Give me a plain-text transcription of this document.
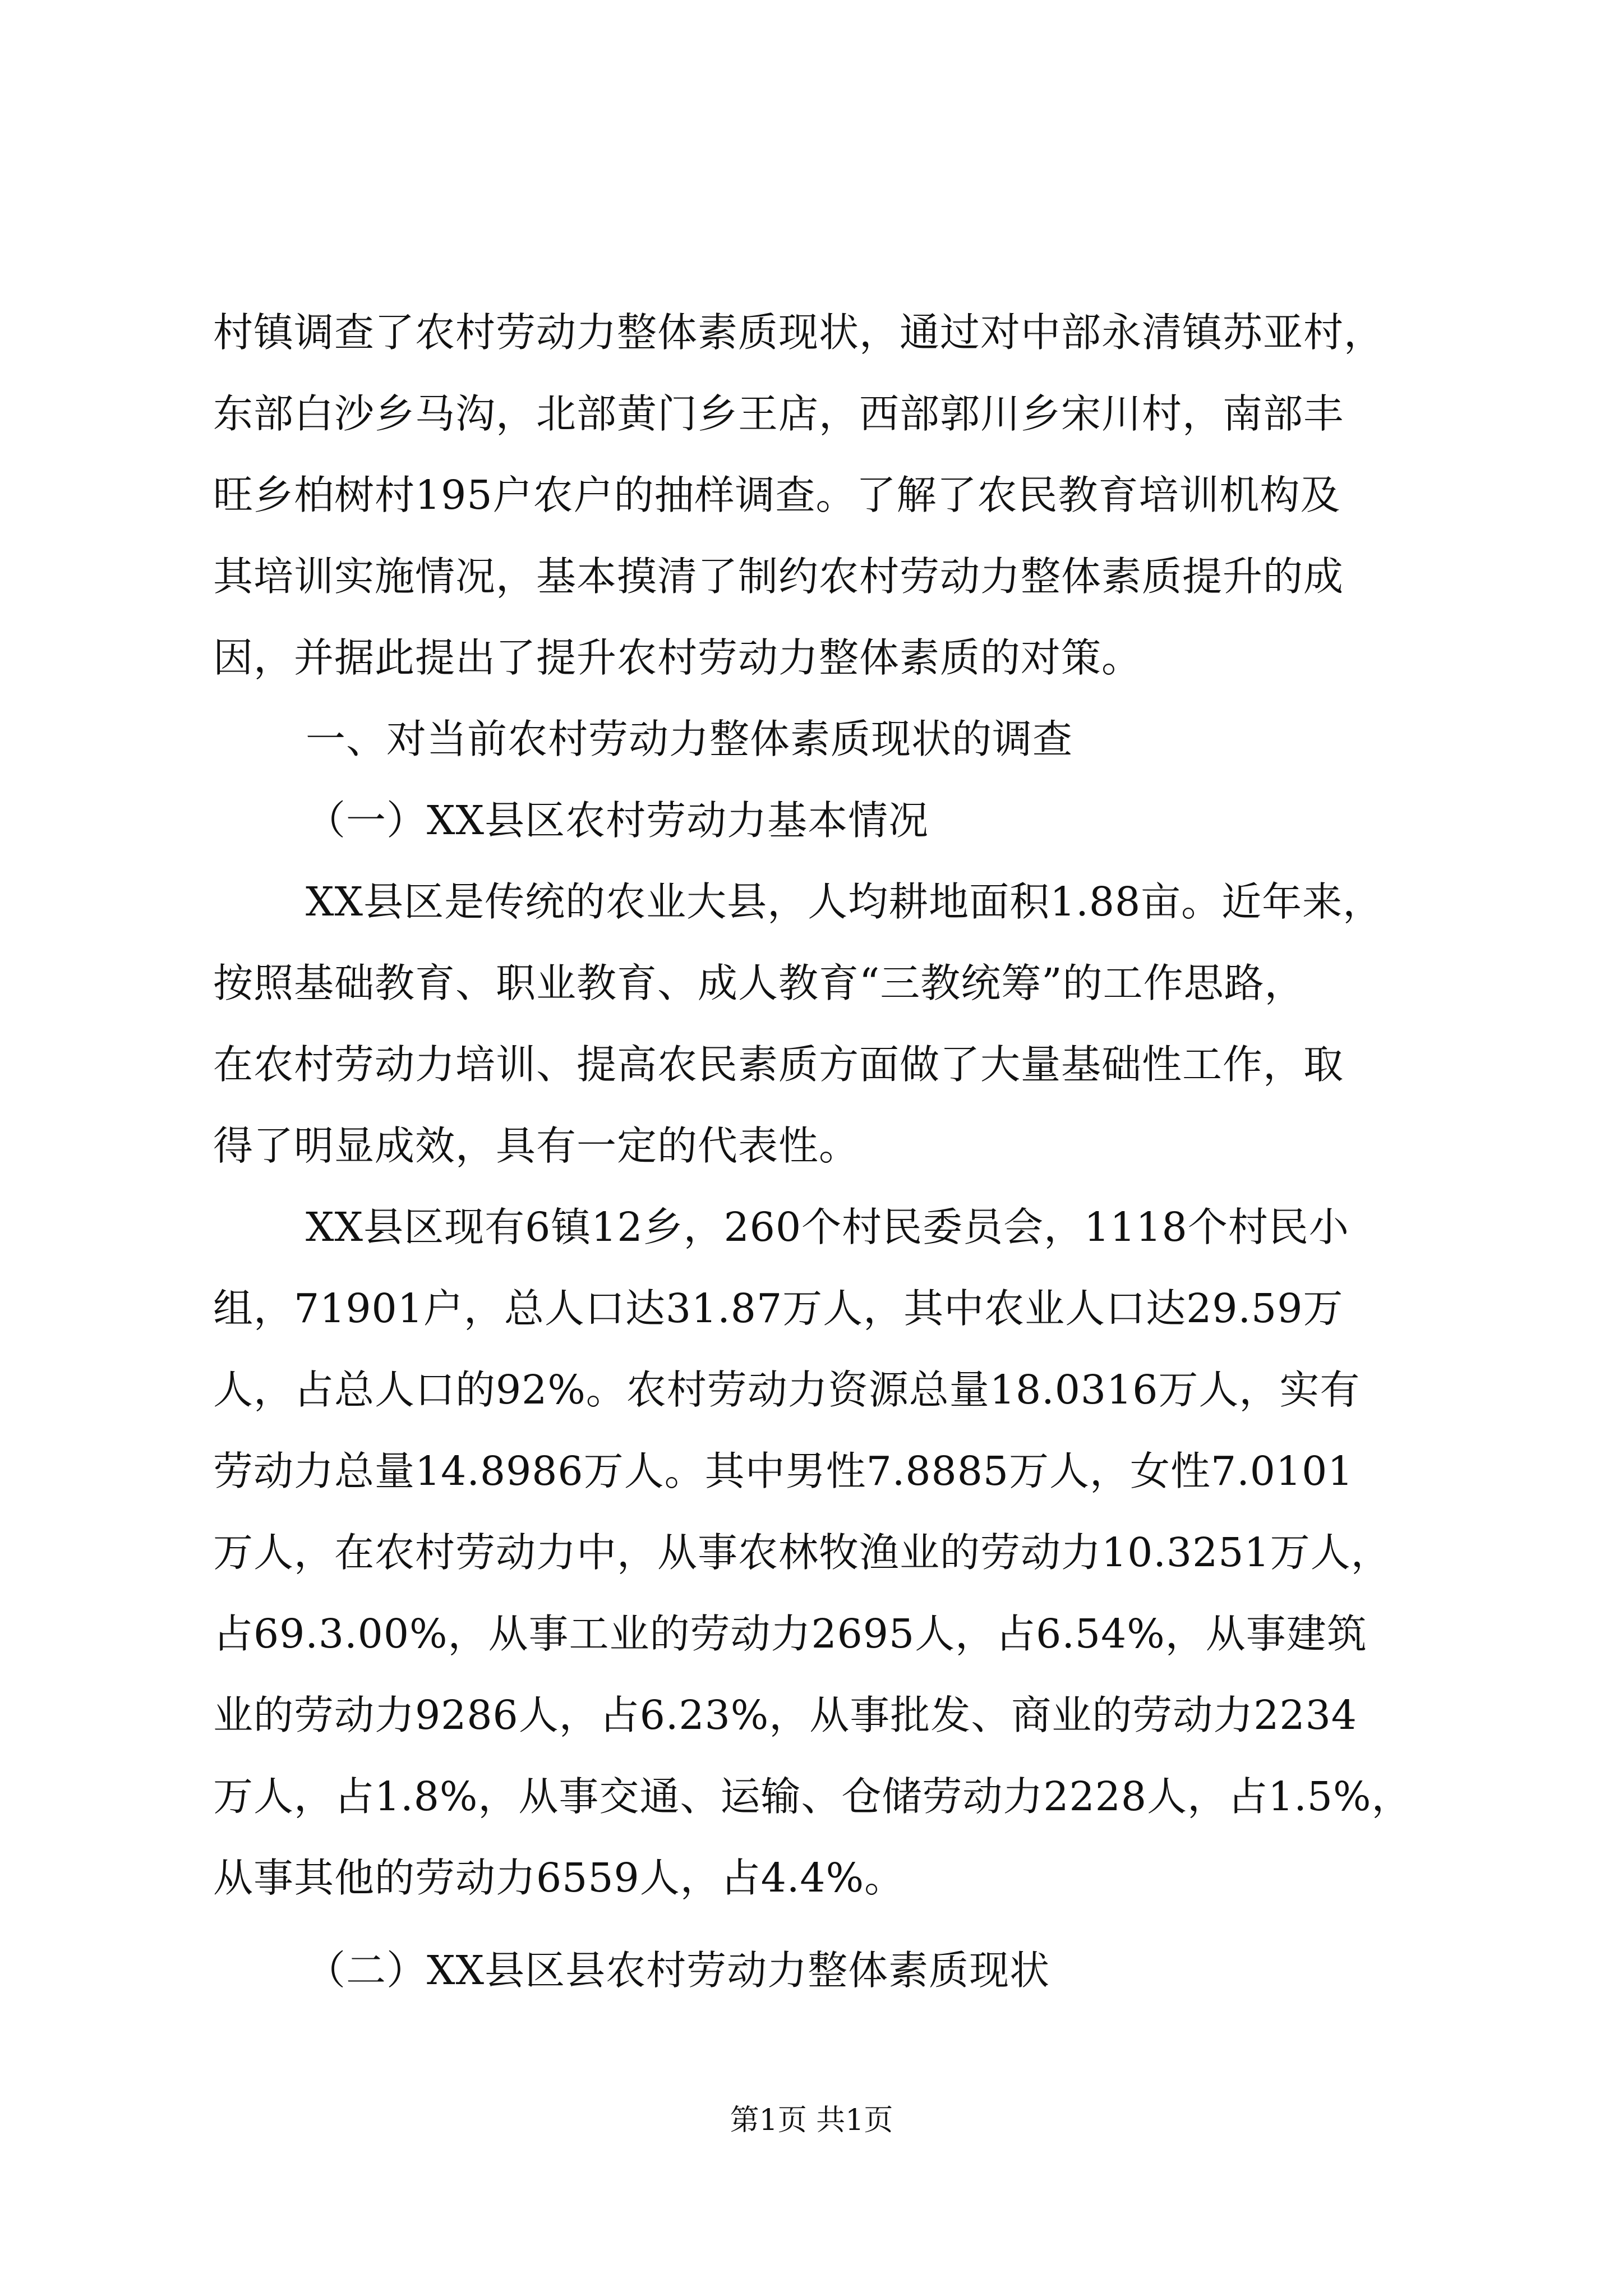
村镇调查了农村劳动力整体素质现状，通过对中部永清镇苏亚村，
东部白沙乡马沟，北部黄门乡王店，西部郭川乡宋川村，南部丰
旺乡柏树村195户农户的抽样调查。了解了农民教育培训机构及
其培训实施情况，基本摸清了制约农村劳动力整体素质提升的成
因，并据此提出了提升农村劳动力整体素质的对策。
一、对当前农村劳动力整体素质现状的调查
（一）XX县区农村劳动力基本情况
XX县区是传统的农业大县，人均耕地面积1.88亩。近年来，
按照基础教育、职业教育、成人教育“三教统筹”的工作思路，
在农村劳动力培训、提高农民素质方面做了大量基础性工作，取
得了明显成效，具有一定的代表性。
XX县区现有6镇12乡，260个村民委员会，1118个村民小
组，71901户，总人口达31.87万人，其中农业人口达29.59万
人，占总人口的92%。农村劳动力资源总量18.0316万人，实有
劳动力总量14.8986万人。其中男性7.8885万人，女性7.0101
万人，在农村劳动力中，从事农林牧渔业的劳动力10.3251万人，
占69.3.00%，从事工业的劳动力2695人，占6.54%，从事建筑
业的劳动力9286人，占6.23%，从事批发、商业的劳动力2234
万人，占1.8%，从事交通、运输、仓储劳动力2228人，占1.5%，
从事其他的劳动力6559人，占4.4%。
（二）XX县区县农村劳动力整体素质现状
第1页 共1页
